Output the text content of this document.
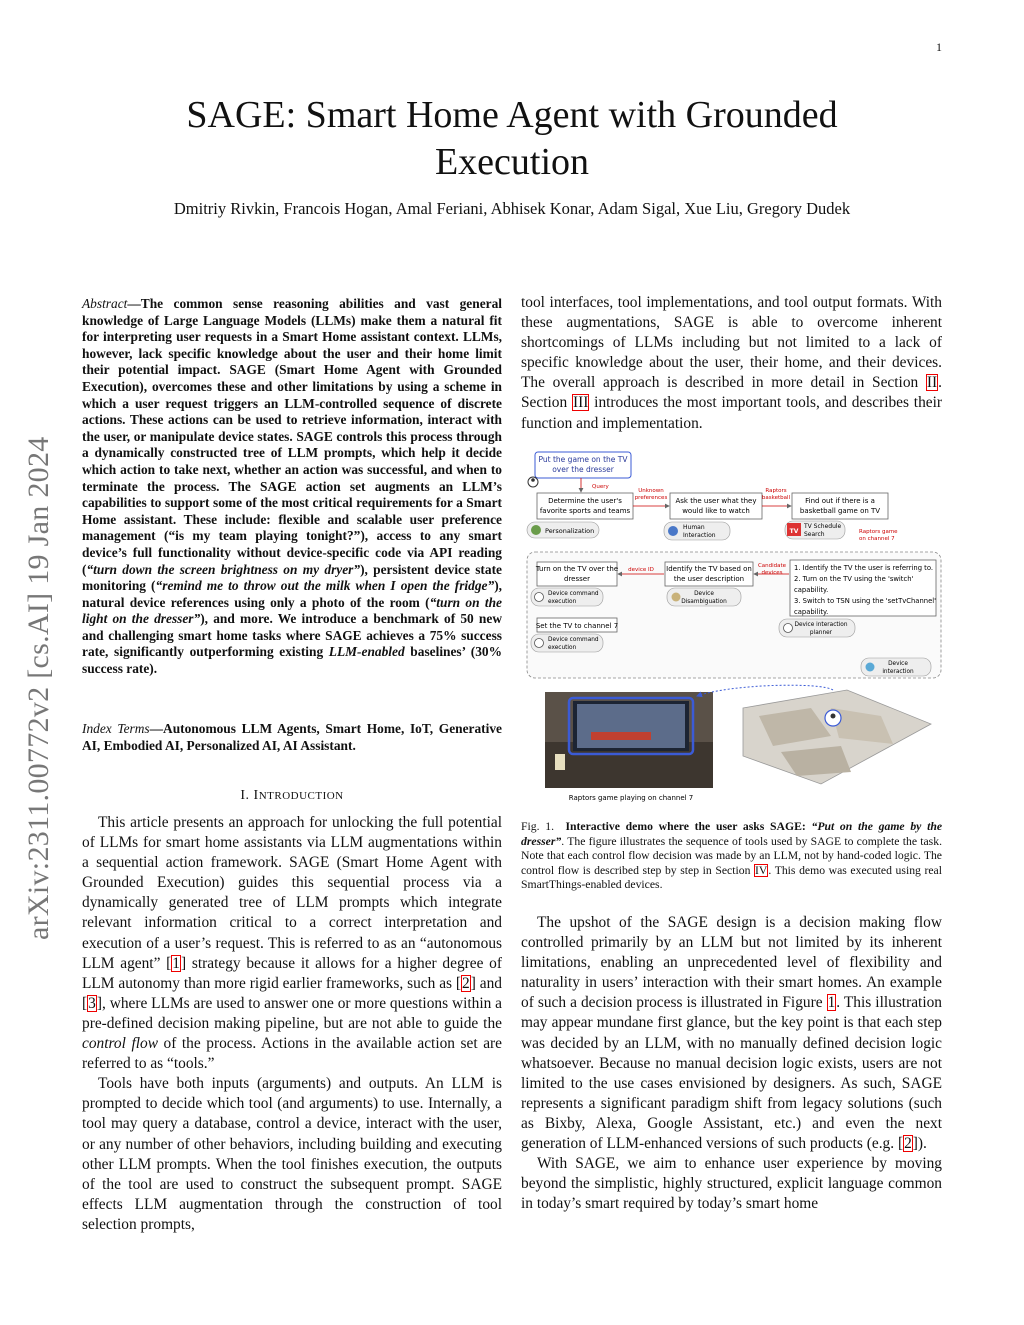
1
arXiv:2311.00772v2 [cs.AI] 19 Jan 2024
SAGE: Smart Home Agent with Grounded
Execution
Dmitriy Rivkin, Francois Hogan, Amal Feriani, Abhisek Konar, Adam Sigal, Xue Liu, Gregory Dudek
Abstract—The common sense reasoning abilities and vast general knowledge of Large Language Models (LLMs) make them a natural fit for interpreting user requests in a Smart Home assistant context. LLMs, however, lack specific knowledge about the user and their home limit their potential impact. SAGE (Smart Home Agent with Grounded Execution), overcomes these and other limitations by using a scheme in which a user request triggers an LLM-controlled sequence of discrete actions. These actions can be used to retrieve information, interact with the user, or manipulate device states. SAGE controls this process through a dynamically constructed tree of LLM prompts, which help it decide which action to take next, whether an action was successful, and when to terminate the process. The SAGE action set augments an LLM’s capabilities to support some of the most critical requirements for a Smart Home assistant. These include: flexible and scalable user preference management (“is my team playing tonight?”), access to any smart device’s full functionality without device-specific code via API reading (“turn down the screen brightness on my dryer”), persistent device state monitoring (“remind me to throw out the milk when I open the fridge”), natural device references using only a photo of the room (“turn on the light on the dresser”), and more. We introduce a benchmark of 50 new and challenging smart home tasks where SAGE achieves a 75% success rate, significantly outperforming existing LLM-enabled baselines’ (30% success rate).
Index Terms—Autonomous LLM Agents, Smart Home, IoT, Generative AI, Embodied AI, Personalized AI, AI Assistant.
I. INTRODUCTION

This article presents an approach for unlocking the full potential of LLMs for smart home assistants via LLM augmentations within a sequential action framework. SAGE (Smart Home Agent with Grounded Execution) guides this sequential process via a dynamically generated tree of LLM prompts which integrate relevant information critical to a correct interpretation and execution of a user’s request. This is referred to as an “autonomous LLM agent” [1] strategy because it allows for a higher degree of LLM autonomy than more rigid earlier frameworks, such as [2] and [3], where LLMs are used to answer one or more questions within a pre-defined decision making pipeline, but are not able to guide the control flow of the process. Actions in the available action set are referred to as “tools.”

Tools have both inputs (arguments) and outputs. An LLM is prompted to decide which tool (and arguments) to use. Internally, a tool may query a database, control a device, interact with the user, or any number of other behaviors, including building and executing other LLM prompts. When the tool finishes execution, the outputs of the tool are used to construct the subsequent prompt. SAGE effects LLM augmentation through the construction of tool selection prompts,

tool interfaces, tool implementations, and tool output formats. With these augmentations, SAGE is able to overcome inherent shortcomings of LLMs including but not limited to a lack of specific knowledge about the user, their home, and their devices. The overall approach is described in more detail in Section II. Section III introduces the most important tools, and describes their function and implementation.

Put the game on the TV
over the dresser
Query
Determine the user's
favorite sports and teams
Unknown
preferences Ask the user what they
would like to watch
Raptors
basketball Find out if there is a
basketball game on TV
Personalization	Human
Interaction
TV
TV Schedule
Search	Raptors game
on channel 7
Turn on the TV over the
dresser
device ID Identify the TV based on
the user description
Candidate
devices
1. Identify the TV the user is referring to.
2. Turn on the TV using the 'switch'
capability.
3. Switch to TSN using the 'setTvChannel'
capability.
Device command
execution
Device
Disambiguation
Set the TV to channel 7	Device interaction
planner
Device command
execution
Device
interaction
Raptors game playing on channel 7
Fig. 1. Interactive demo where the user asks SAGE: “Put on the game by the dresser”. The figure illustrates the sequence of tools used by SAGE to complete the task. Note that each control flow decision was made by an LLM, not by hand-coded logic. The control flow is described step by step in Section IV. This demo was executed using real SmartThings-enabled devices.

The upshot of the SAGE design is a decision making flow controlled primarily by an LLM but not limited by its inherent limitations, enabling an unprecedented level of flexibility and naturality in users’ interaction with their smart homes. An example of such a decision process is illustrated in Figure 1. This illustration may appear mundane first glance, but the key point is that each step was decided by an LLM, with no manually defined decision logic whatsoever. Because no manual decision logic exists, users are not limited to the use cases envisioned by designers. As such, SAGE represents a significant paradigm shift from legacy solutions (such as Bixby, Alexa, Google Assistant, etc.) and even the next generation of LLM-enhanced versions of such products (e.g. [2]).

With SAGE, we aim to enhance user experience by moving beyond the simplistic, highly structured, explicit language common in today’s smart required by today’s smart home
